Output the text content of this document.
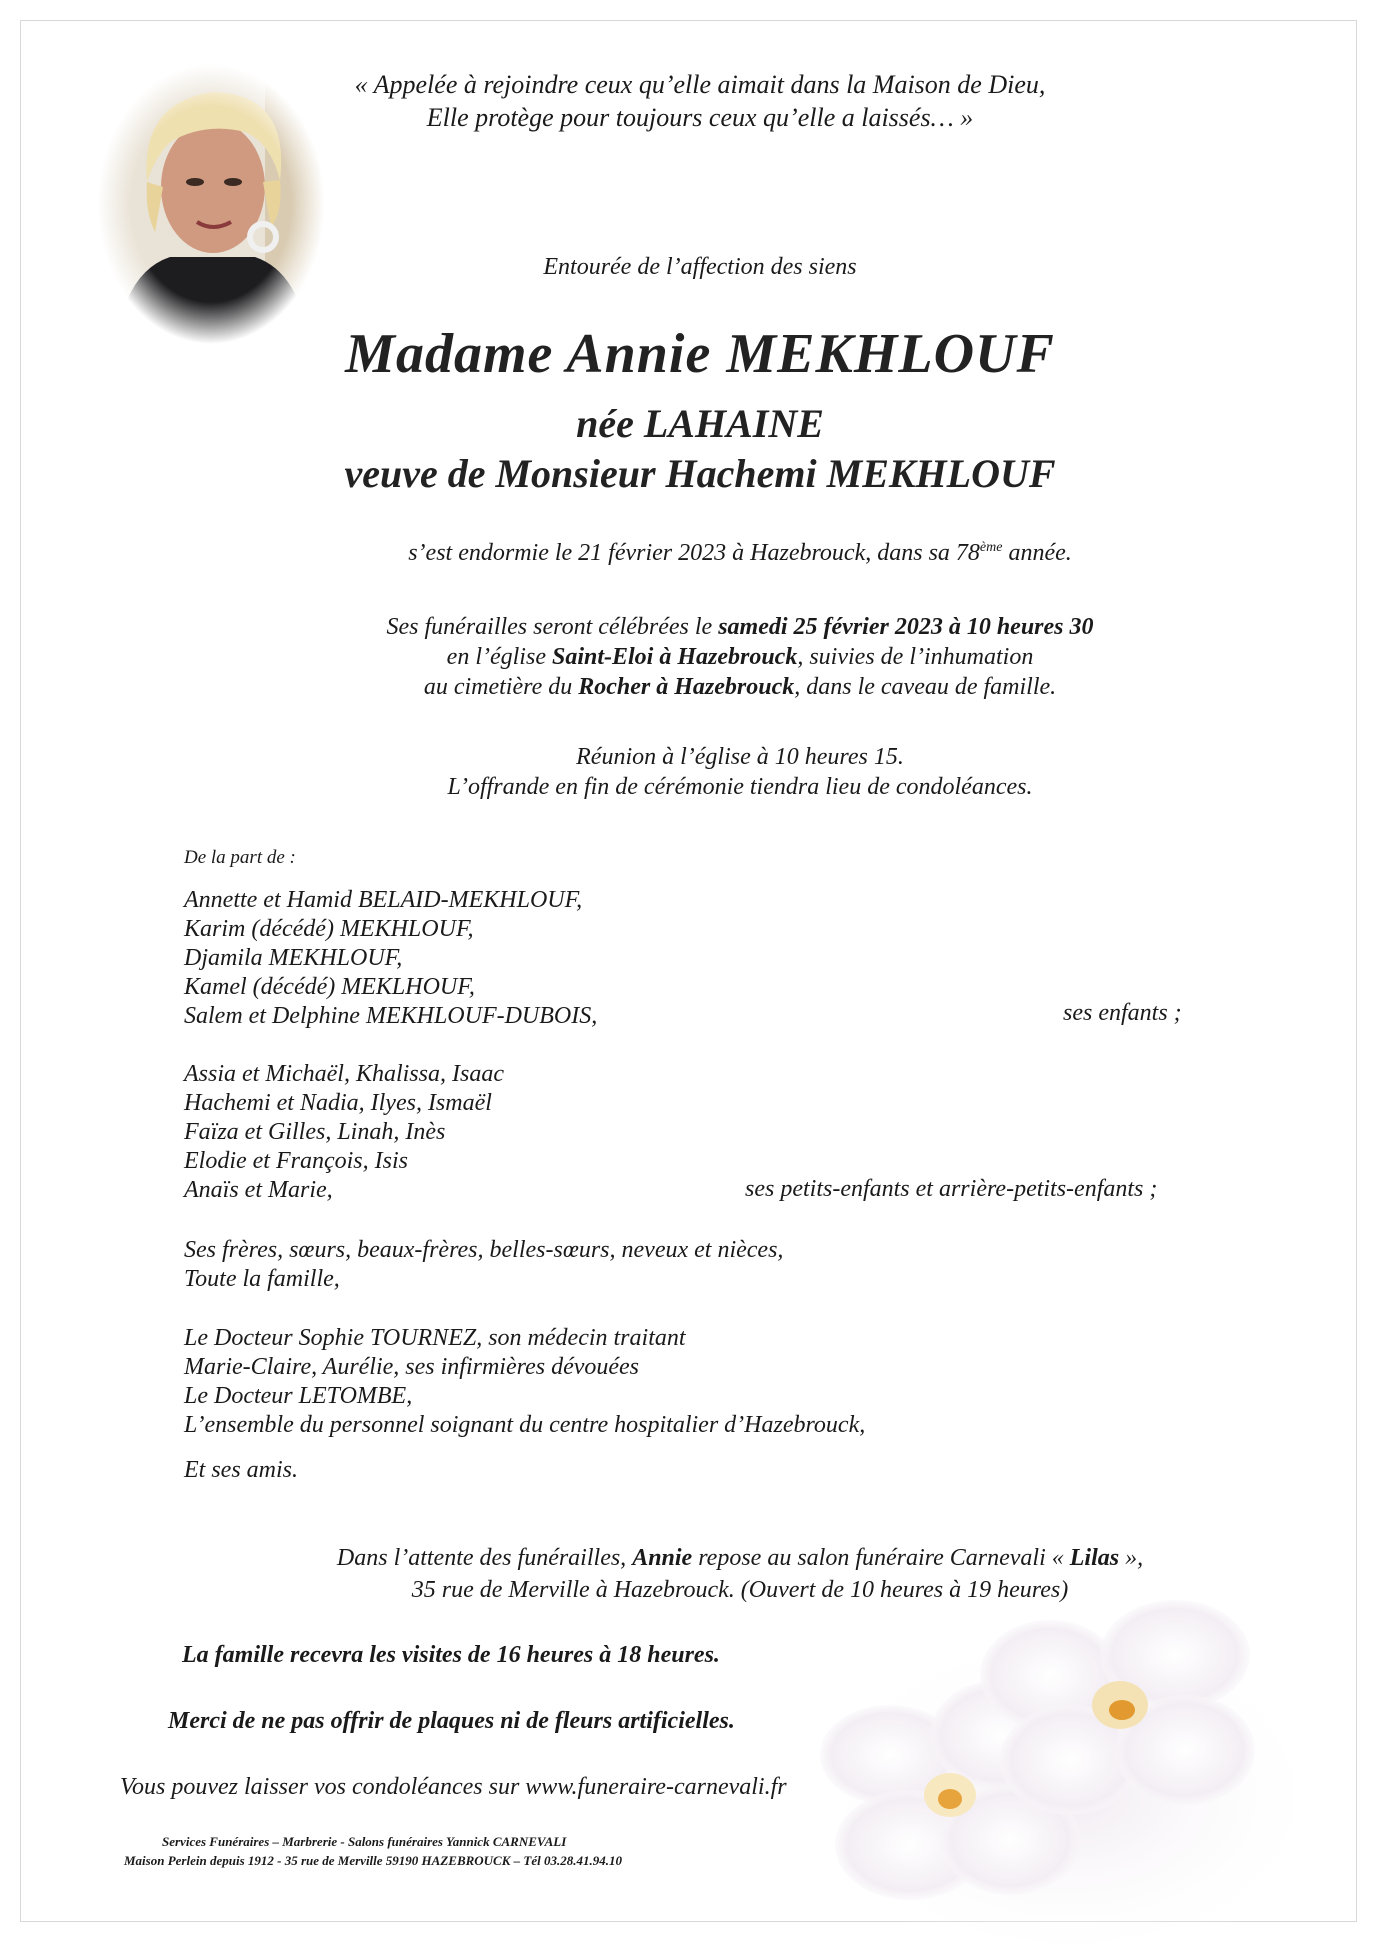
« Appelée à rejoindre ceux qu’elle aimait dans la Maison de Dieu,
Elle protège pour toujours ceux qu’elle a laissés… »
Entourée de l’affection des siens
Madame Annie MEKHLOUF
née LAHAINE
veuve de Monsieur Hachemi MEKHLOUF
s’est endormie le 21 février 2023 à Hazebrouck, dans sa 78ème année.
Ses funérailles seront célébrées le samedi 25 février 2023 à 10 heures 30
en l’église Saint-Eloi à Hazebrouck, suivies de l’inhumation
au cimetière du Rocher à Hazebrouck, dans le caveau de famille.
Réunion à l’église à 10 heures 15.
L’offrande en fin de cérémonie tiendra lieu de condoléances.
De la part de :
Annette et Hamid BELAID-MEKHLOUF,
Karim (décédé) MEKHLOUF,
Djamila MEKHLOUF,
Kamel (décédé) MEKLHOUF,
Salem et Delphine MEKHLOUF-DUBOIS,	ses enfants ;
Assia et Michaël, Khalissa, Isaac
Hachemi et Nadia, Ilyes, Ismaël
Faïza et Gilles, Linah, Inès
Elodie et François, Isis
Anaïs et Marie,	ses petits-enfants et arrière-petits-enfants ;
Ses frères, sœurs, beaux-frères, belles-sœurs, neveux et nièces,
Toute la famille,
Le Docteur Sophie TOURNEZ, son médecin traitant
Marie-Claire, Aurélie, ses infirmières dévouées
Le Docteur LETOMBE,
L’ensemble du personnel soignant du centre hospitalier d’Hazebrouck,
Et ses amis.
Dans l’attente des funérailles, Annie repose au salon funéraire Carnevali « Lilas »,
35 rue de Merville à Hazebrouck. (Ouvert de 10 heures à 19 heures)
La famille recevra les visites de 16 heures à 18 heures.
Merci de ne pas offrir de plaques ni de fleurs artificielles.
Vous pouvez laisser vos condoléances sur www.funeraire-carnevali.fr
Services Funéraires – Marbrerie - Salons funéraires Yannick CARNEVALI
Maison Perlein depuis 1912 - 35 rue de Merville 59190 HAZEBROUCK – Tél 03.28.41.94.10
